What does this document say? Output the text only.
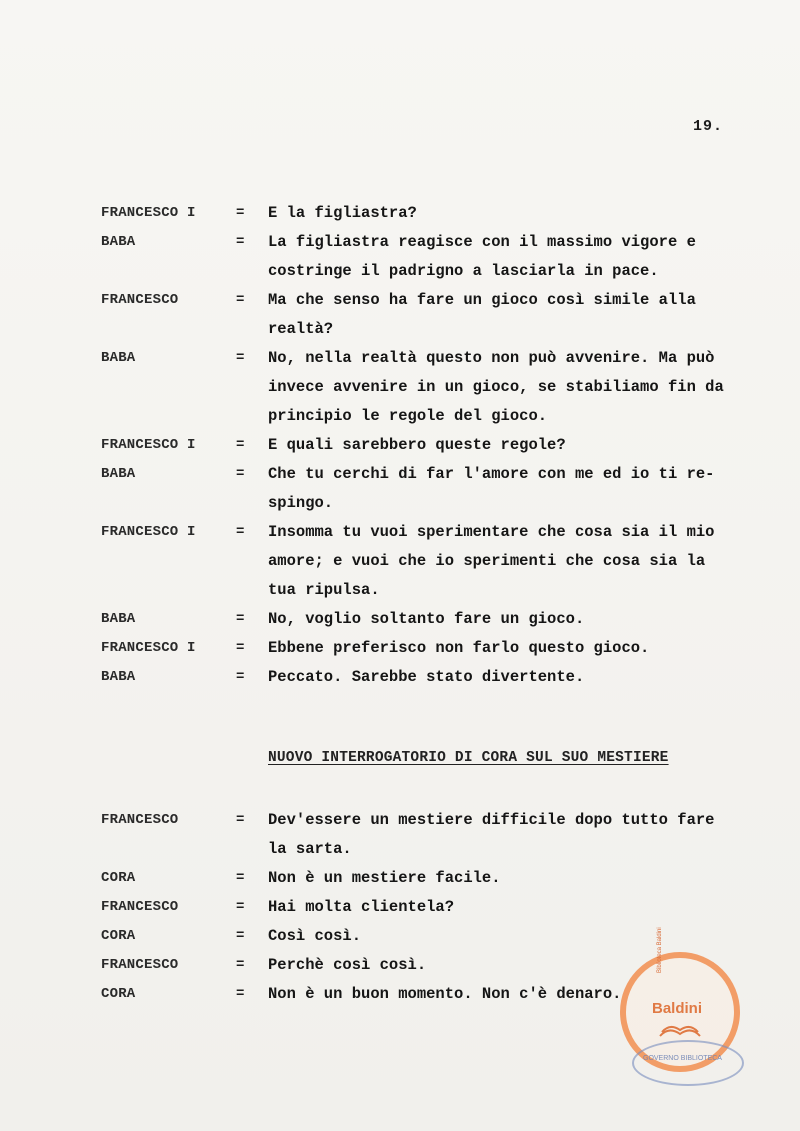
19.
FRANCESCO I	= E la figliastra?
BABA	= La figliastra reagisce con il massimo vigore e
costringe il padrigno a lasciarla in pace.
FRANCESCO	= Ma che senso ha fare un gioco così simile alla
realtà?
BABA	= No, nella realtà questo non può avvenire. Ma può
invece avvenire in un gioco, se stabiliamo fin da
principio le regole del gioco.
FRANCESCO I	= E quali sarebbero queste regole?
BABA	= Che tu cerchi di far l'amore con me ed io ti re-
spingo.
FRANCESCO I	= Insomma tu vuoi sperimentare che cosa sia il mio
amore; e vuoi che io sperimenti che cosa sia la
tua ripulsa.
BABA	= No, voglio soltanto fare un gioco.
FRANCESCO I	= Ebbene preferisco non farlo questo gioco.
BABA	= Peccato. Sarebbe stato divertente.
NUOVO INTERROGATORIO DI CORA SUL SUO MESTIERE
FRANCESCO	= Dev'essere un mestiere difficile dopo tutto fare
la sarta.
CORA	= Non è un mestiere facile.
FRANCESCO	= Hai molta clientela?
CORA	= Così così.
FRANCESCO	= Perchè così così.
CORA	= Non è un buon momento. Non c'è denaro.
Biblioteca Baldini
Baldini
GOVERNO BIBLIOTECA
